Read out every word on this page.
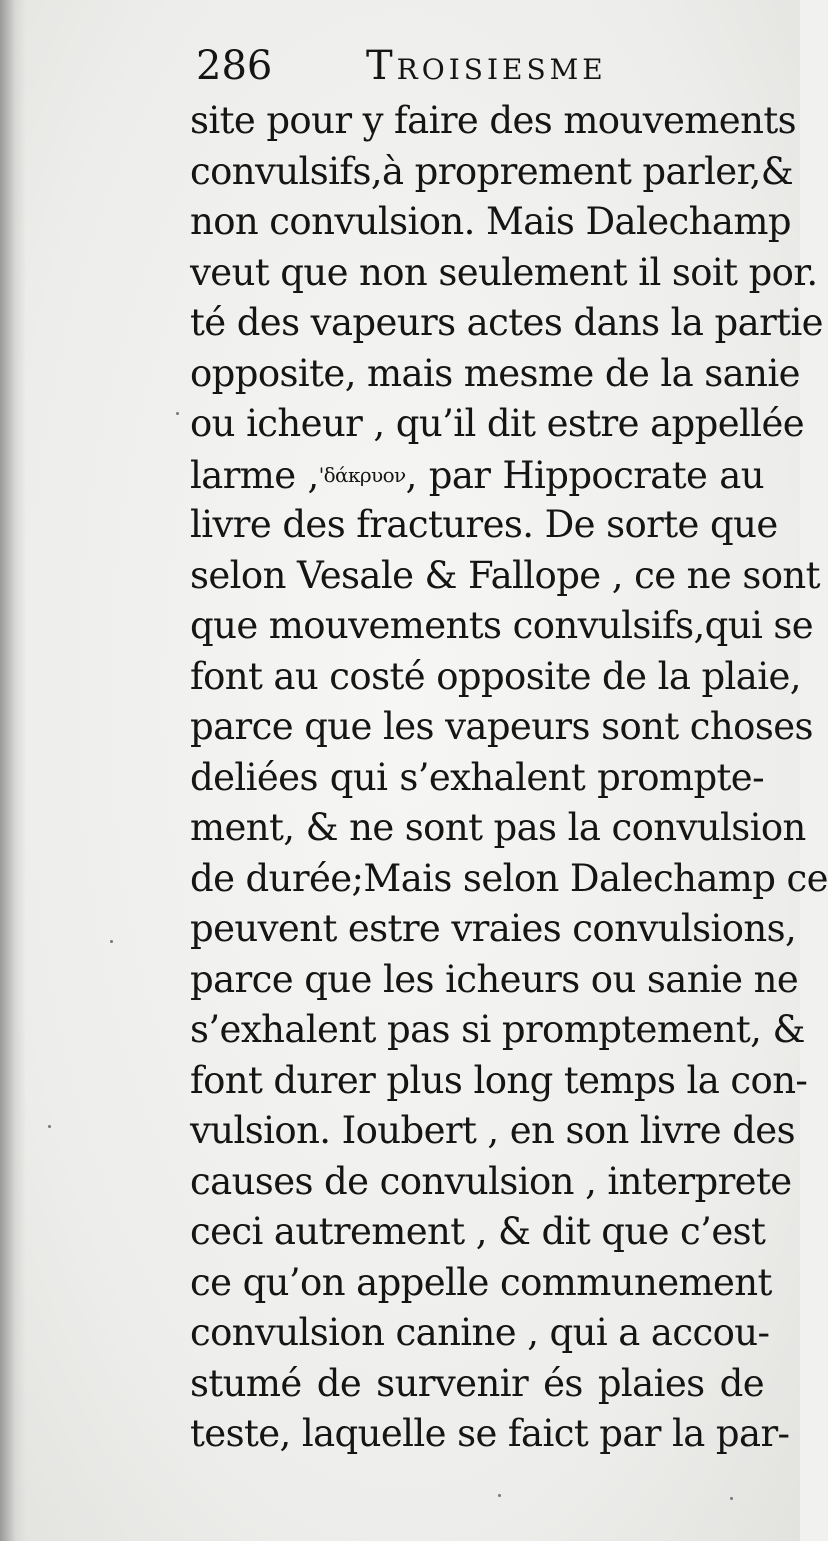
286 Troisiesme
site pour y faire des mouvements
convulsifs,à proprement parler,&
non convulsion. Mais Dalechamp
veut que non seulement il soit por.
té des vapeurs actes dans la partie
opposite, mais mesme de la sanie
ou icheur , qu’il dit estre appellée
larme ,'δάκρυον, par Hippocrate au
livre des fractures. De sorte que
selon Vesale & Fallope , ce ne sont
que mouvements convulsifs,qui se
font au costé opposite de la plaie,
parce que les vapeurs sont choses
deliées qui s’exhalent prompte-
ment, & ne sont pas la convulsion
de durée;Mais selon Dalechamp ce
peuvent estre vraies convulsions,
parce que les icheurs ou sanie ne
s’exhalent pas si promptement, &
font durer plus long temps la con-
vulsion. Ioubert , en son livre des
causes de convulsion , interprete
ceci autrement , & dit que c’est
ce qu’on appelle communement
convulsion canine , qui a accou-
stumé de survenir és plaies de
teste, laquelle se faict par la par-
